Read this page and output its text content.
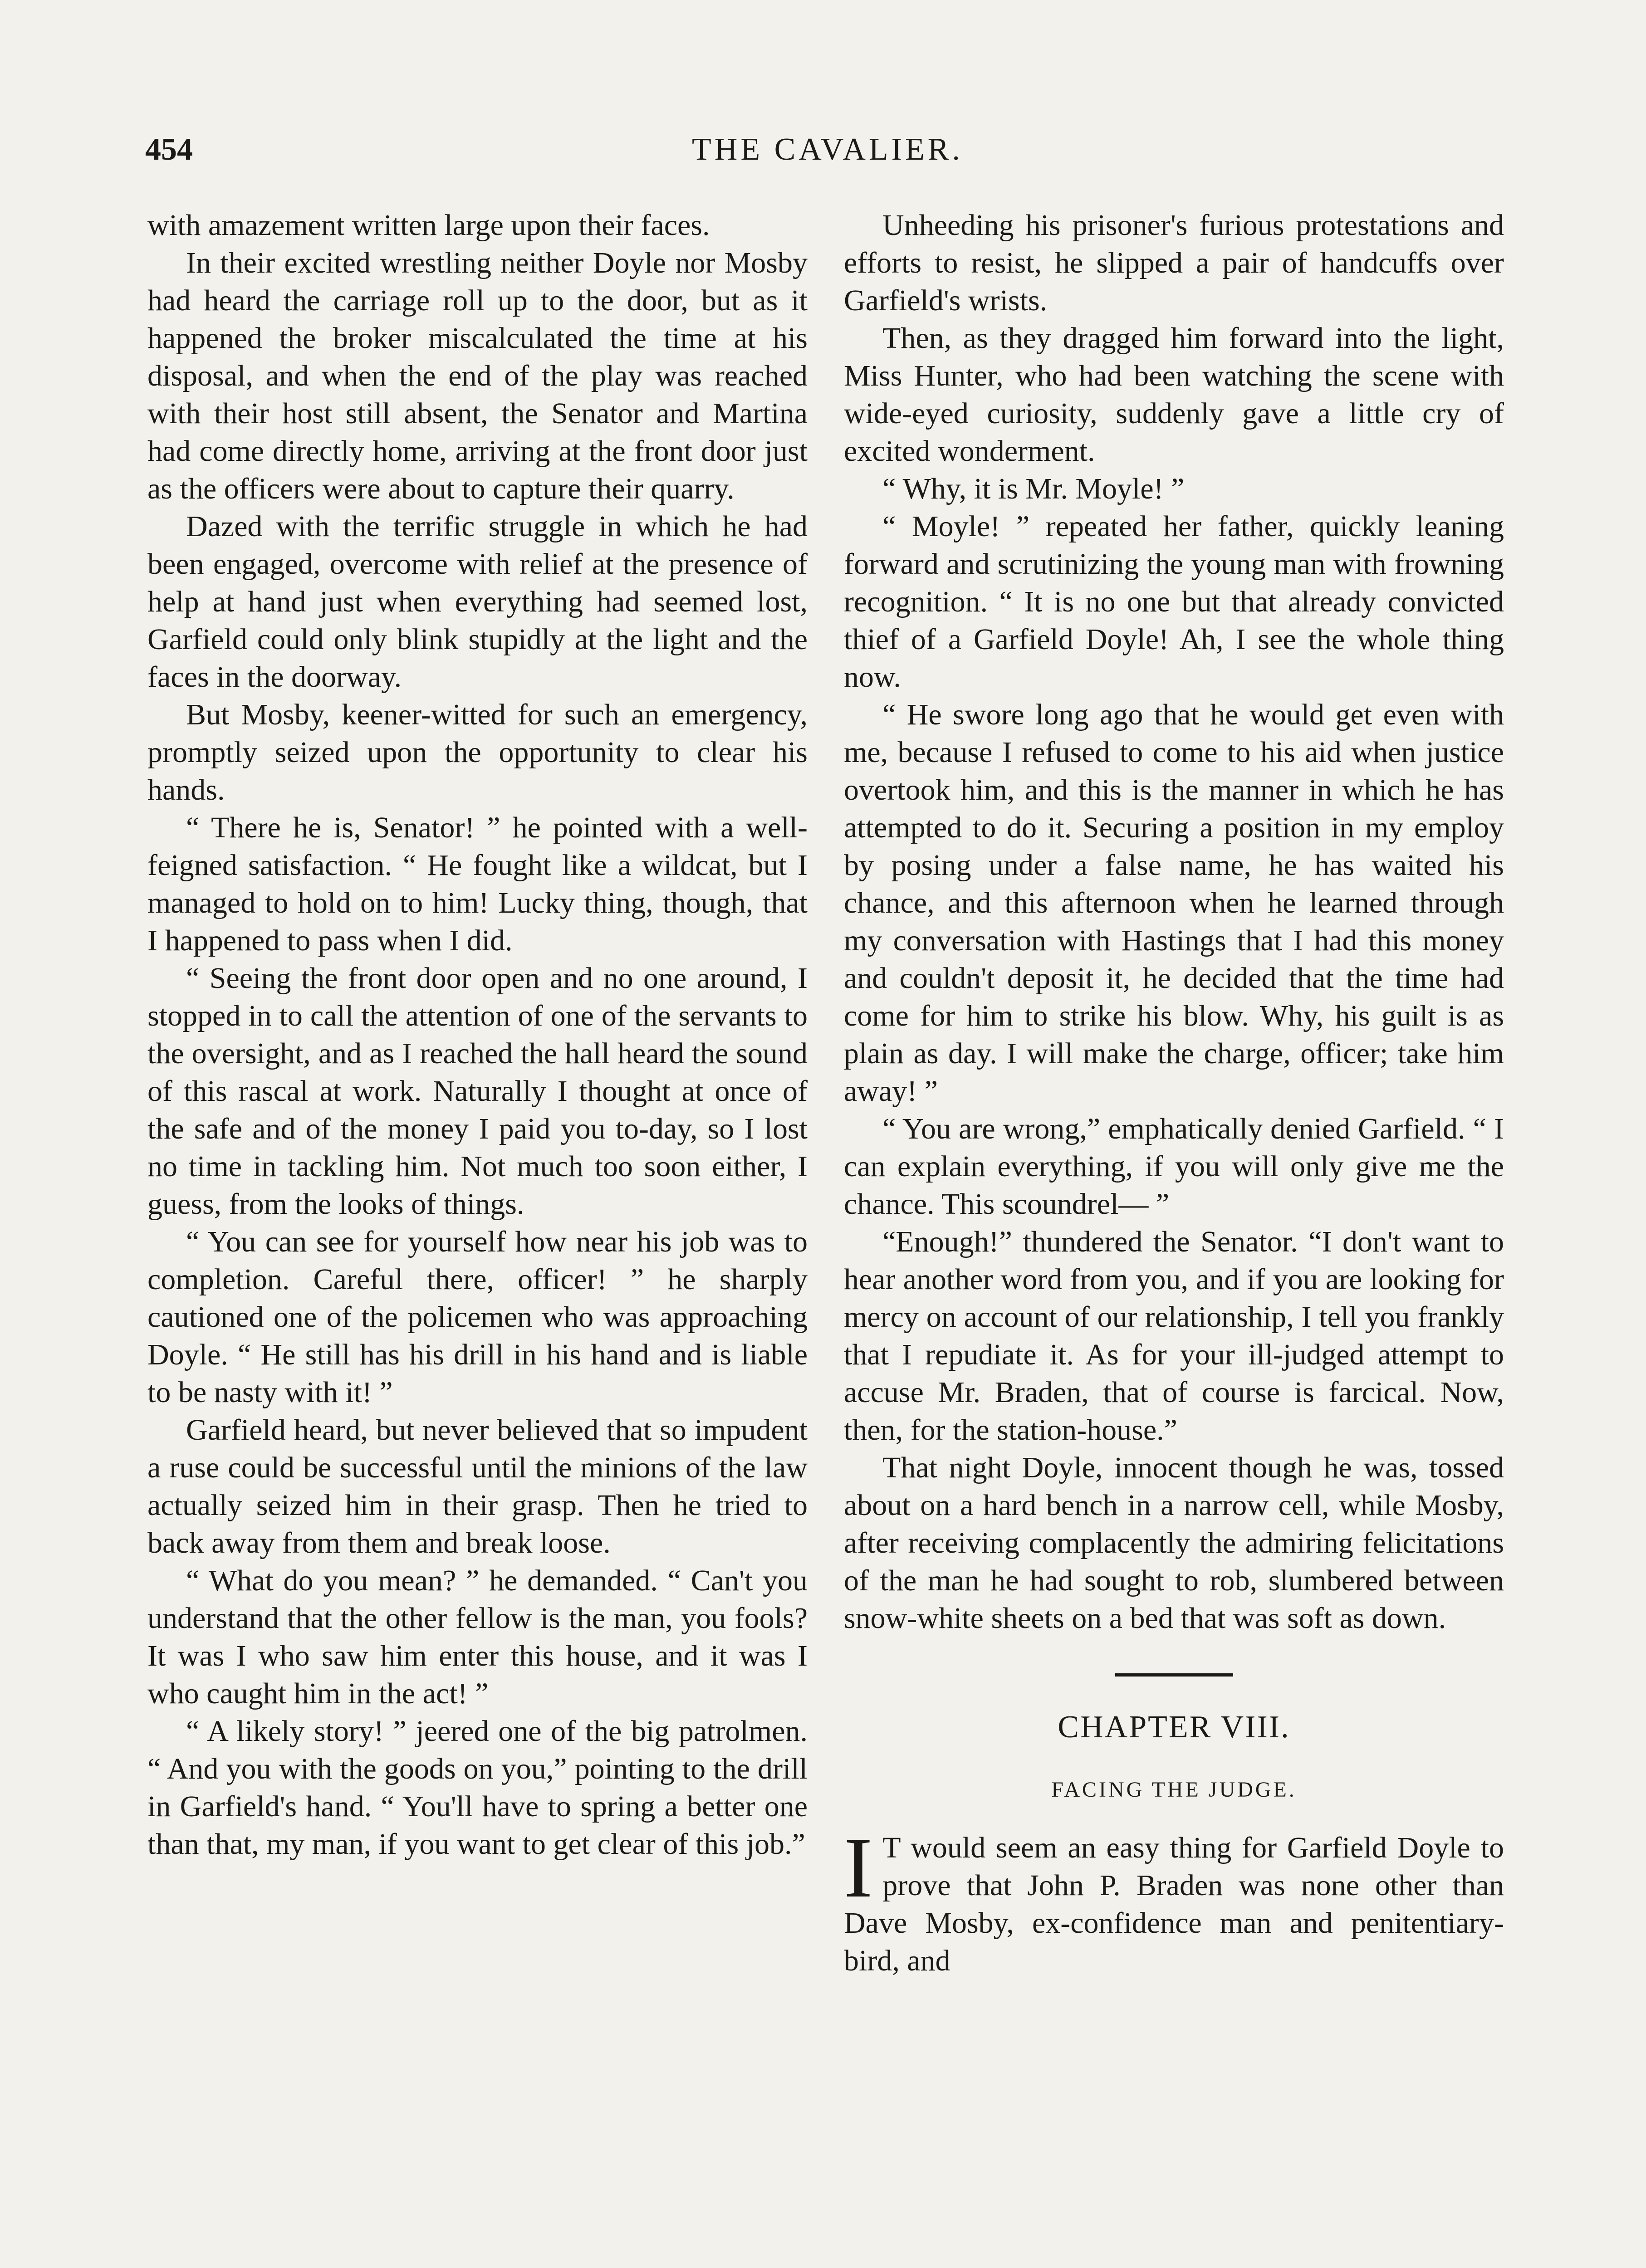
454	THE CAVALIER.

with amazement written large upon their faces.

In their excited wrestling neither Doyle nor Mosby had heard the carriage roll up to the door, but as it happened the broker miscalculated the time at his disposal, and when the end of the play was reached with their host still absent, the Senator and Martina had come directly home, arriving at the front door just as the officers were about to capture their quarry.

Dazed with the terrific struggle in which he had been engaged, overcome with relief at the presence of help at hand just when everything had seemed lost, Garfield could only blink stupidly at the light and the faces in the doorway.

But Mosby, keener-witted for such an emergency, promptly seized upon the opportunity to clear his hands.

“ There he is, Senator! ” he pointed with a well-feigned satisfaction. “ He fought like a wildcat, but I managed to hold on to him! Lucky thing, though, that I happened to pass when I did.

“ Seeing the front door open and no one around, I stopped in to call the attention of one of the servants to the oversight, and as I reached the hall heard the sound of this rascal at work. Naturally I thought at once of the safe and of the money I paid you to-day, so I lost no time in tackling him. Not much too soon either, I guess, from the looks of things.

“ You can see for yourself how near his job was to completion. Careful there, officer! ” he sharply cautioned one of the policemen who was approaching Doyle. “ He still has his drill in his hand and is liable to be nasty with it! ”

Garfield heard, but never believed that so impudent a ruse could be successful until the minions of the law actually seized him in their grasp. Then he tried to back away from them and break loose.

“ What do you mean? ” he demanded. “ Can't you understand that the other fellow is the man, you fools? It was I who saw him enter this house, and it was I who caught him in the act! ”

“ A likely story! ” jeered one of the big patrolmen. “ And you with the goods on you,” pointing to the drill in Garfield's hand. “ You'll have to spring a better one than that, my man, if you want to get clear of this job.”

Unheeding his prisoner's furious protestations and efforts to resist, he slipped a pair of handcuffs over Garfield's wrists.

Then, as they dragged him forward into the light, Miss Hunter, who had been watching the scene with wide-eyed curiosity, suddenly gave a little cry of excited wonderment.

“ Why, it is Mr. Moyle! ”

“ Moyle! ” repeated her father, quickly leaning forward and scrutinizing the young man with frowning recognition. “ It is no one but that already convicted thief of a Garfield Doyle! Ah, I see the whole thing now.

“ He swore long ago that he would get even with me, because I refused to come to his aid when justice overtook him, and this is the manner in which he has attempted to do it. Securing a position in my employ by posing under a false name, he has waited his chance, and this afternoon when he learned through my conversation with Hastings that I had this money and couldn't deposit it, he decided that the time had come for him to strike his blow. Why, his guilt is as plain as day. I will make the charge, officer; take him away! ”

“ You are wrong,” emphatically denied Garfield. “ I can explain everything, if you will only give me the chance. This scoundrel— ”

“Enough!” thundered the Senator. “I don't want to hear another word from you, and if you are looking for mercy on account of our relationship, I tell you frankly that I repudiate it. As for your ill-judged attempt to accuse Mr. Braden, that of course is farcical. Now, then, for the station-house.”

That night Doyle, innocent though he was, tossed about on a hard bench in a narrow cell, while Mosby, after receiving complacently the admiring felicitations of the man he had sought to rob, slumbered between snow-white sheets on a bed that was soft as down.

CHAPTER VIII.
FACING THE JUDGE.

I T would seem an easy thing for Garfield Doyle to prove that John P. Braden was none other than Dave Mosby, ex-confidence man and penitentiary-bird, and
